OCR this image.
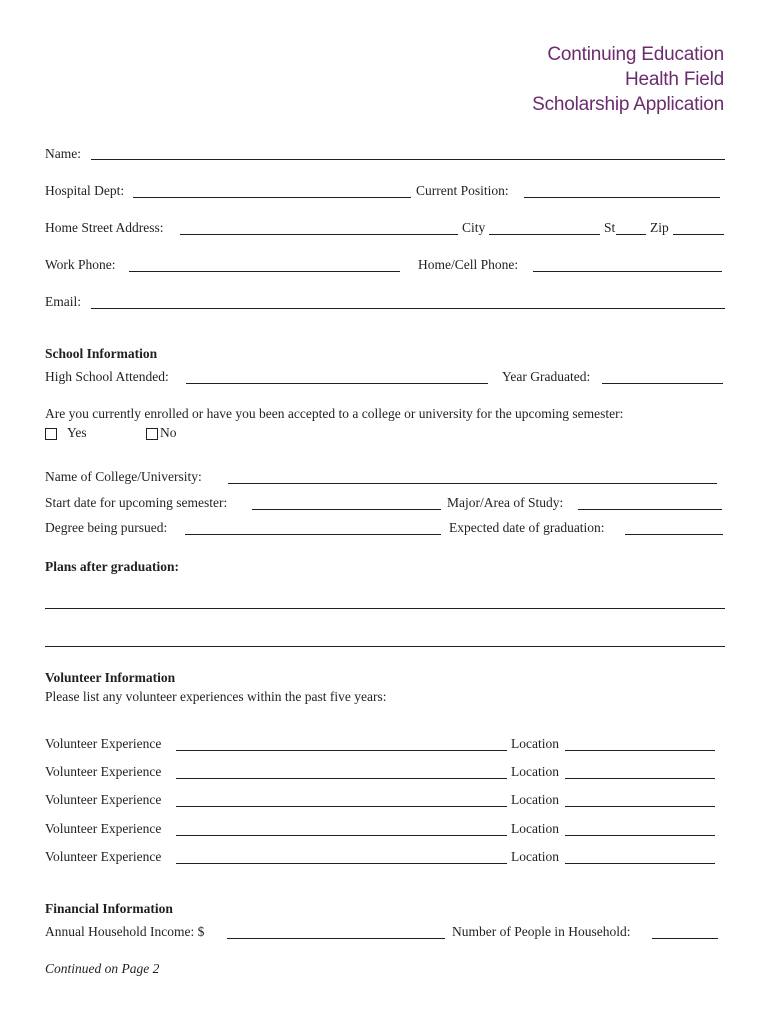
Continuing Education
Health Field
Scholarship Application
Name:
Hospital Dept:	Current Position:
Home Street Address:	City	St	Zip
Work Phone:	Home/Cell Phone:
Email:
School Information
High School Attended:	Year Graduated:
Are you currently enrolled or have you been accepted to a college or university for the upcoming semester:
Yes	No
Name of College/University:
Start date for upcoming semester:	Major/Area of Study:
Degree being pursued:	Expected date of graduation:
Plans after graduation:
Volunteer Information
Please list any volunteer experiences within the past five years:
Volunteer Experience	Location
Volunteer Experience	Location
Volunteer Experience	Location
Volunteer Experience	Location
Volunteer Experience	Location
Financial Information
Annual Household Income: $	Number of People in Household:
Continued on Page 2
